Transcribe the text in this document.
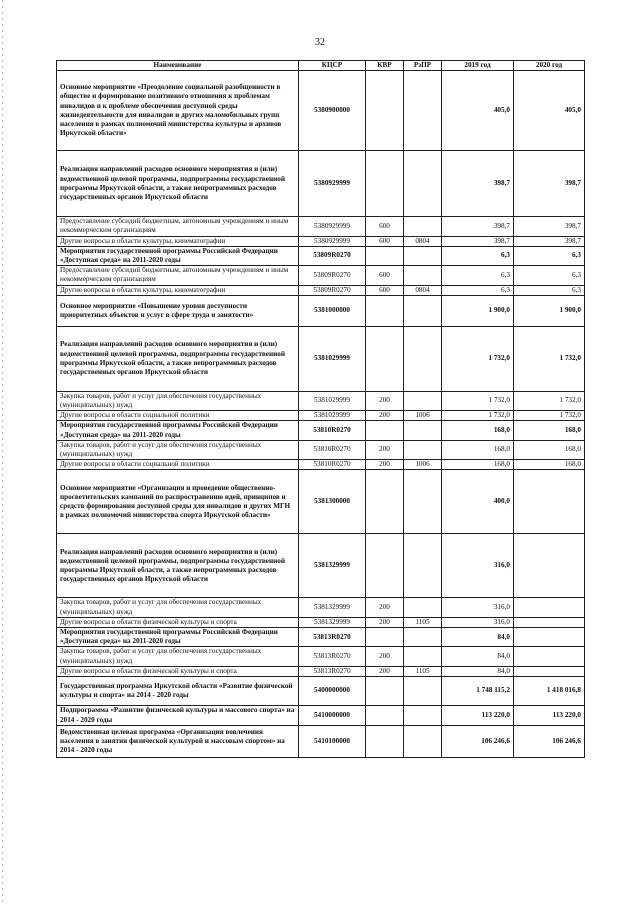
32
Наименование	КЦСР	КВР	РзПР	2019 год	2020 год
Основное мероприятие «Преодоление социальной разобщенности в обществе и формирование позитивного отношения к проблемам инвалидов и к проблеме обеспечения доступной среды жизнедеятельности для инвалидов и других маломобильных групп населения в рамках полномочий министерства культуры и архивов Иркутской области»	5380900000			405,0	405,0
Реализация направлений расходов основного мероприятия и (или) ведомственной целевой программы, подпрограммы государственной программы Иркутской области, а также непрограммных расходов государственных органов Иркутской области	5380929999			398,7	398,7
Предоставление субсидий бюджетным, автономным учреждениям и иным некоммерческим организациям	5380929999	600		398,7	398,7
Другие вопросы в области культуры, кинематографии	5380929999	600	0804	398,7	398,7
Мероприятия государственной программы Российской Федерации «Доступная среда» на 2011-2020 годы	53809R0270			6,3	6,3
Предоставление субсидий бюджетным, автономным учреждениям и иным некоммерческим организациям	53809R0270	600		6,3	6,3
Другие вопросы в области культуры, кинематографии	53809R0270	600	0804	6,3	6,3
Основное мероприятие «Повышение уровня доступности приоритетных объектов и услуг в сфере труда и занятости»	5381000000			1 900,0	1 900,0
Реализация направлений расходов основного мероприятия и (или) ведомственной целевой программы, подпрограммы государственной программы Иркутской области, а также непрограммных расходов государственных органов Иркутской области	5381029999			1 732,0	1 732,0
Закупка товаров, работ и услуг для обеспечения государственных (муниципальных) нужд	5381029999	200		1 732,0	1 732,0
Другие вопросы в области социальной политики	5381029999	200	1006	1 732,0	1 732,0
Мероприятия государственной программы Российской Федерации «Доступная среда» на 2011-2020 годы	53810R0270			168,0	168,0
Закупка товаров, работ и услуг для обеспечения государственных (муниципальных) нужд	53810R0270	200		168,0	168,0
Другие вопросы в области социальной политики	53810R0270	200	1006	168,0	168,0
Основное мероприятие «Организация и проведение общественно-просветительских кампаний по распространению идей, принципов и средств формирования доступной среды для инвалидов и других МГН в рамках полномочий министерства спорта Иркутской области»	5381300000			400,0	
Реализация направлений расходов основного мероприятия и (или) ведомственной целевой программы, подпрограммы государственной программы Иркутской области, а также непрограммных расходов государственных органов Иркутской области	5381329999			316,0	
Закупка товаров, работ и услуг для обеспечения государственных (муниципальных) нужд	5381329999	200		316,0	
Другие вопросы в области физической культуры и спорта	5381329999	200	1105	316,0	
Мероприятия государственной программы Российской Федерации «Доступная среда» на 2011-2020 годы	53813R0270			84,0	
Закупка товаров, работ и услуг для обеспечения государственных (муниципальных) нужд	53813R0270	200		84,0	
Другие вопросы в области физической культуры и спорта	53813R0270	200	1105	84,0	
Государственная программа Иркутской области «Развитие физической культуры и спорта» на 2014 - 2020 годы	5400000000			1 748 115,2	1 418 016,8
Подпрограмма «Развитие физической культуры и массового спорта» на 2014 - 2020 годы	5410000000			113 220,0	113 220,0
Ведомственная целевая программа «Организация вовлечения населения в занятия физической культурой и массовым спортом» на 2014 - 2020 годы	5410100000			106 246,6	106 246,6
